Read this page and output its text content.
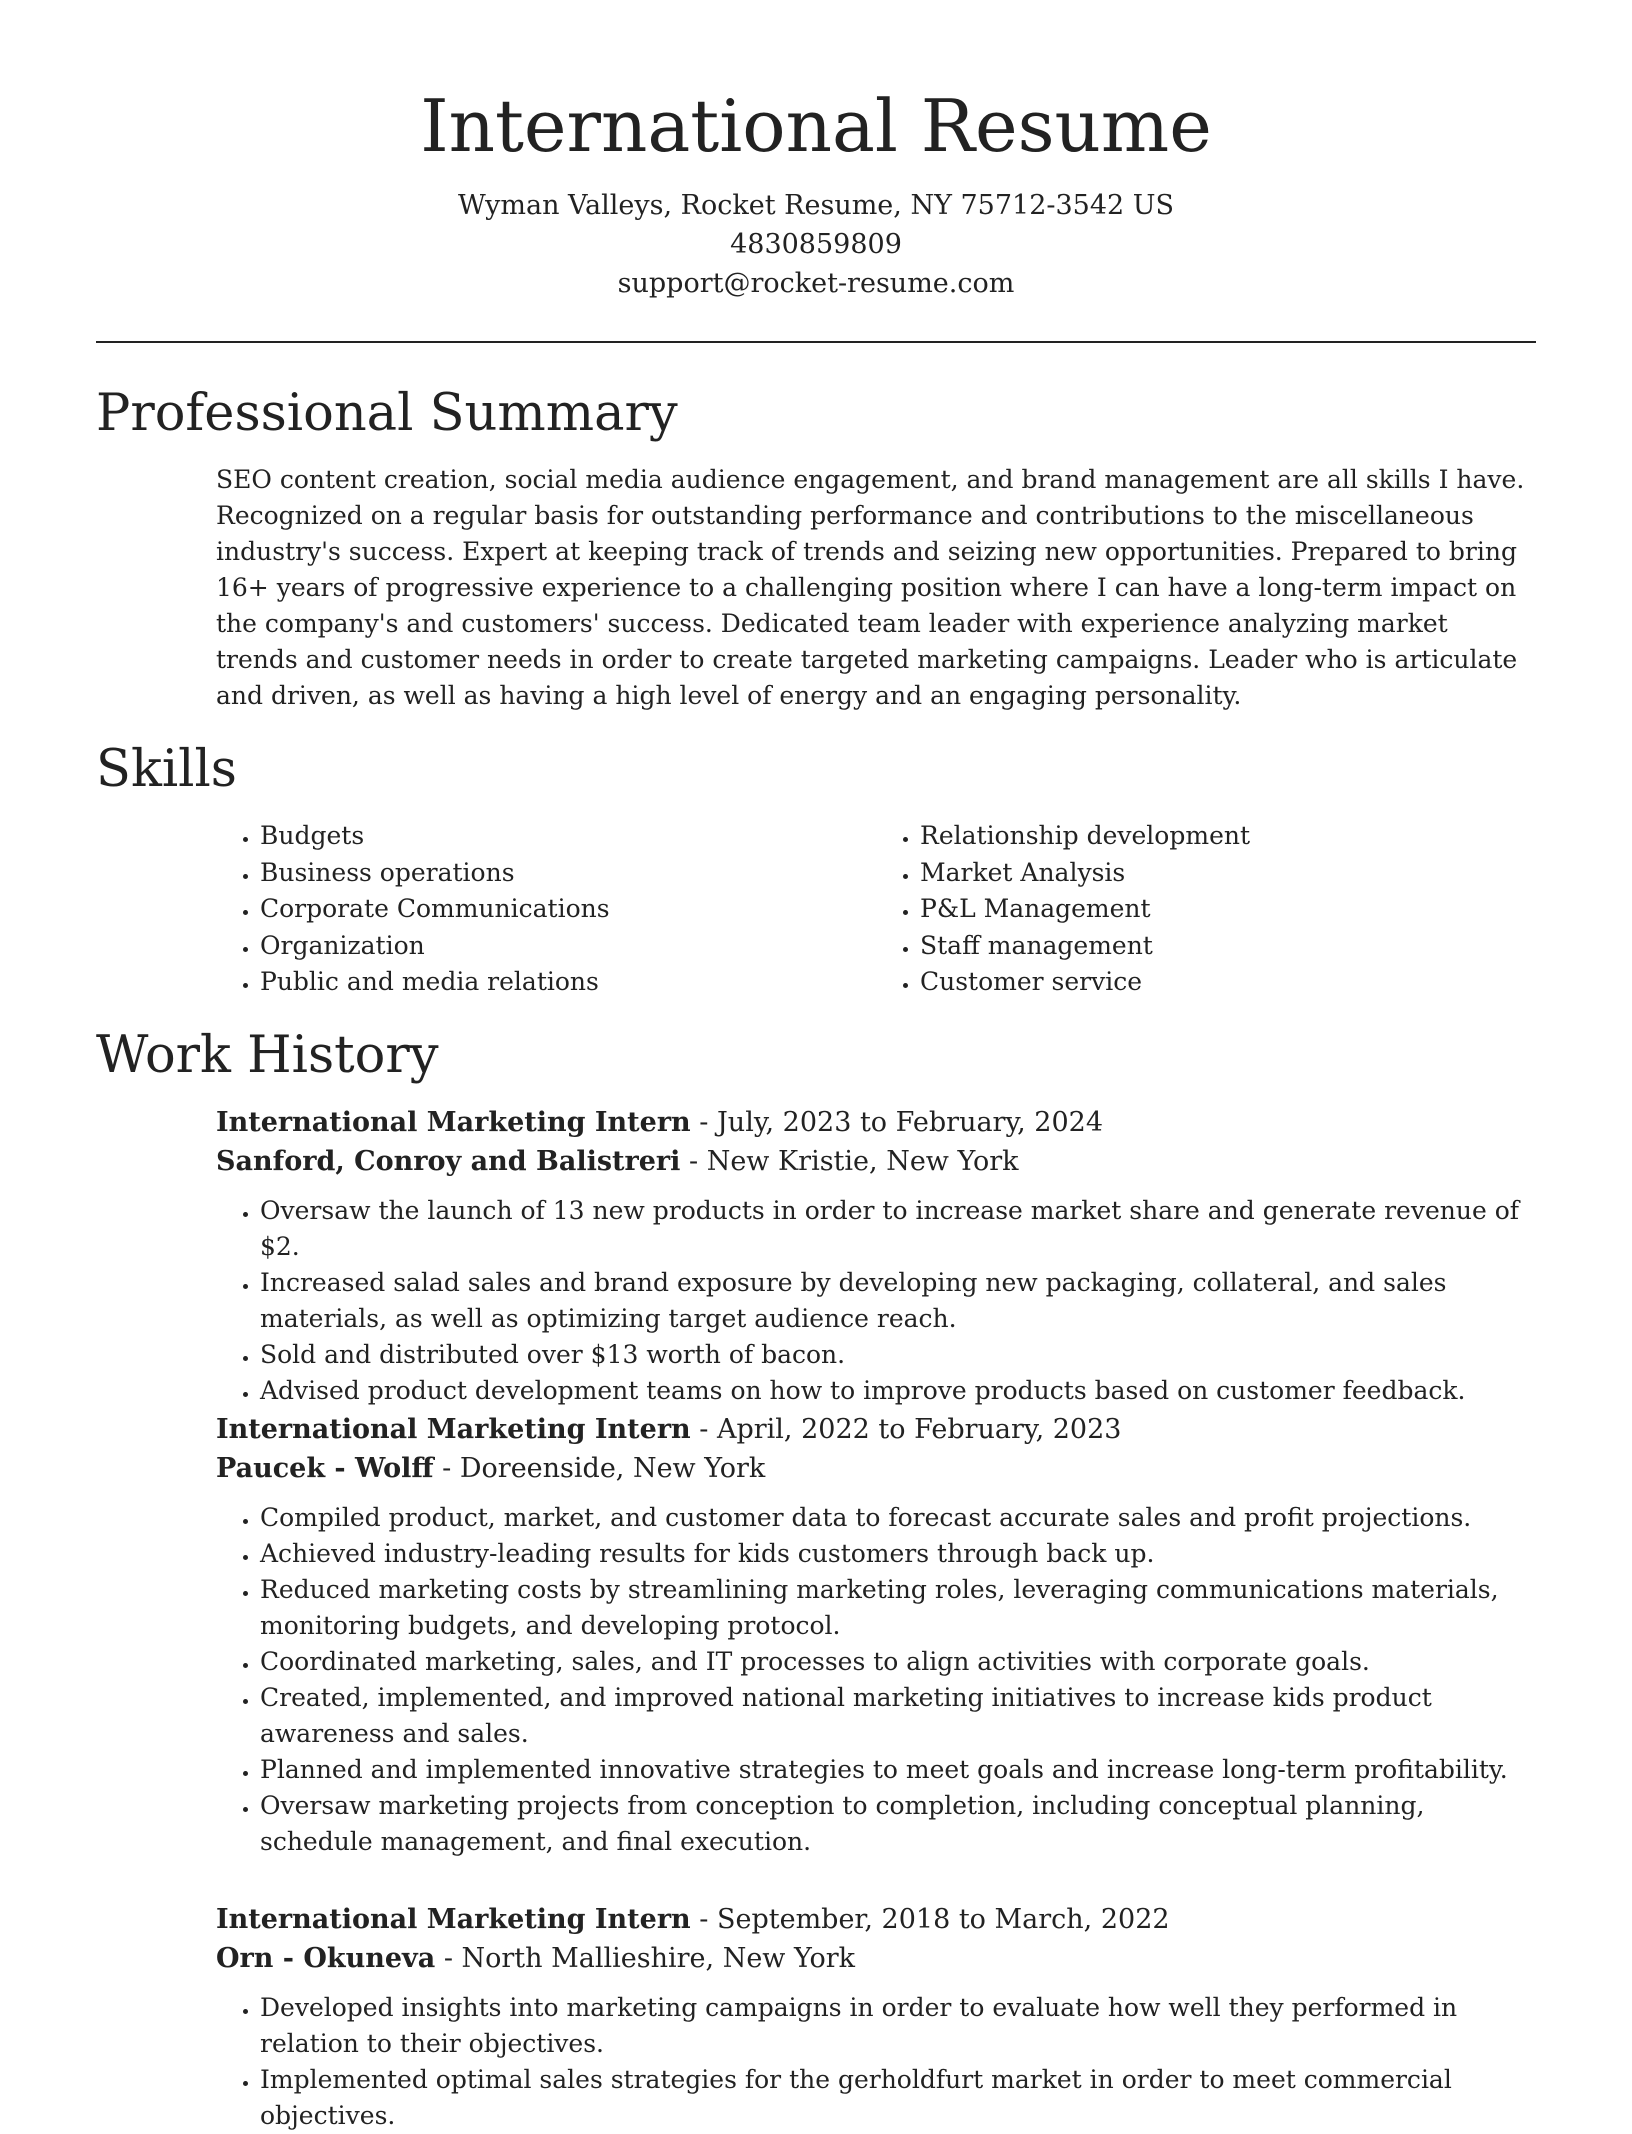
International Resume
Wyman Valleys, Rocket Resume, NY 75712-3542 US
4830859809
support@rocket-resume.com
Professional Summary

SEO content creation, social media audience engagement, and brand management are all skills I have. Recognized on a regular basis for outstanding performance and contributions to the miscellaneous industry's success. Expert at keeping track of trends and seizing new opportunities. Prepared to bring 16+ years of progressive experience to a challenging position where I can have a long-term impact on the company's and customers' success. Dedicated team leader with experience analyzing market trends and customer needs in order to create targeted marketing campaigns. Leader who is articulate and driven, as well as having a high level of energy and an engaging personality.

Skills
• Budgets
• Business operations
• Corporate Communications
• Organization
• Public and media relations
• Relationship development
• Market Analysis
• P&L Management
• Staff management
• Customer service
Work History
International Marketing Intern - July, 2023 to February, 2024
Sanford, Conroy and Balistreri - New Kristie, New York
• Oversaw the launch of 13 new products in order to increase market share and generate revenue of $2.
• Increased salad sales and brand exposure by developing new packaging, collateral, and sales materials, as well as optimizing target audience reach.
• Sold and distributed over $13 worth of bacon.
• Advised product development teams on how to improve products based on customer feedback.
International Marketing Intern - April, 2022 to February, 2023
Paucek - Wolff - Doreenside, New York
• Compiled product, market, and customer data to forecast accurate sales and profit projections.
• Achieved industry-leading results for kids customers through back up.
• Reduced marketing costs by streamlining marketing roles, leveraging communications materials, monitoring budgets, and developing protocol.
• Coordinated marketing, sales, and IT processes to align activities with corporate goals.
• Created, implemented, and improved national marketing initiatives to increase kids product awareness and sales.
• Planned and implemented innovative strategies to meet goals and increase long-term profitability.
• Oversaw marketing projects from conception to completion, including conceptual planning, schedule management, and final execution.
International Marketing Intern - September, 2018 to March, 2022
Orn - Okuneva - North Mallieshire, New York
• Developed insights into marketing campaigns in order to evaluate how well they performed in relation to their objectives.
• Implemented optimal sales strategies for the gerholdfurt market in order to meet commercial objectives.
